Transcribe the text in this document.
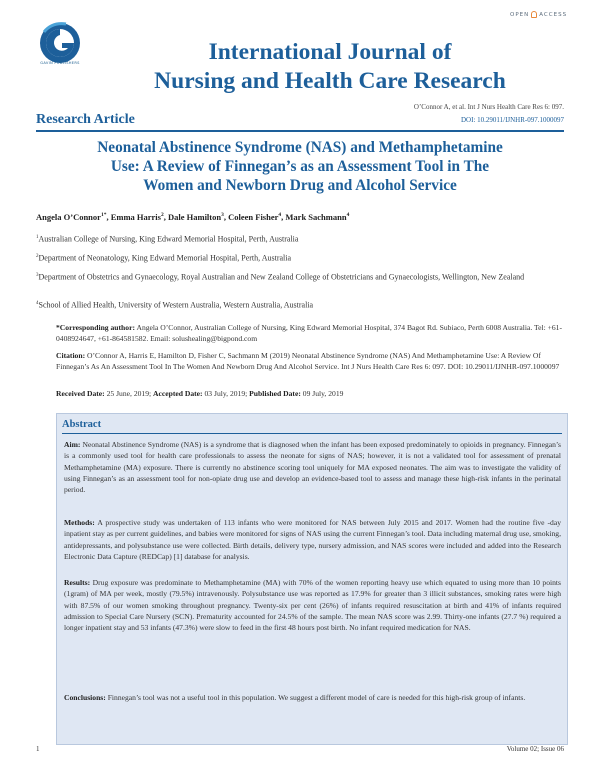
GAVIN PUBLISHERS
OPEN ACCESS
International Journal of
Nursing and Health Care Research
O’Connor A, et al. Int J Nurs Health Care Res 6: 097.
Research Article	DOI: 10.29011/IJNHR-097.1000097
Neonatal Abstinence Syndrome (NAS) and Methamphetamine
Use: A Review of Finnegan’s as an Assessment Tool in The
Women and Newborn Drug and Alcohol Service
Angela O’Connor$^{1*}$, Emma Harris$^2$, Dale Hamilton$^3$, Coleen Fisher$^4$, Mark Sachmann$^4$
$^1$Australian College of Nursing, King Edward Memorial Hospital, Perth, Australia
$^2$Department of Neonatology, King Edward Memorial Hospital, Perth, Australia
$^3$Department of Obstetrics and Gynaecology, Royal Australian and New Zealand College of Obstetricians and Gynaecologists, Wellington, New Zealand
$^4$School of Allied Health, University of Western Australia, Western Australia, Australia
*Corresponding author: Angela O’Connor, Australian College of Nursing, King Edward Memorial Hospital, 374 Bagot Rd. Subiaco, Perth 6008 Australia. Tel: +61-0408924647, +61-864581582. Email: solushealing@bigpond.com
Citation: O’Connor A, Harris E, Hamilton D, Fisher C, Sachmann M (2019) Neonatal Abstinence Syndrome (NAS) And Methamphetamine Use: A Review Of Finnegan’s As An Assessment Tool In The Women And Newborn Drug And Alcohol Service. Int J Nurs Health Care Res 6: 097. DOI: 10.29011/IJNHR-097.1000097
Received Date: 25 June, 2019; Accepted Date: 03 July, 2019; Published Date: 09 July, 2019
Abstract
Aim: Neonatal Abstinence Syndrome (NAS) is a syndrome that is diagnosed when the infant has been exposed predominately to opioids in pregnancy. Finnegan’s is a commonly used tool for health care professionals to assess the neonate for signs of NAS; however, it is not a validated tool for assessment of prenatal Methamphetamine (MA) exposure. There is currently no abstinence scoring tool uniquely for MA exposed neonates. The aim was to investigate the validity of using Finnegan’s as an assessment tool for non-opiate drug use and develop an evidence-based tool to assess and manage these high-risk infants in the perinatal period.
Methods: A prospective study was undertaken of 113 infants who were monitored for NAS between July 2015 and 2017. Women had the routine five -day inpatient stay as per current guidelines, and babies were monitored for signs of NAS using the current Finnegan’s tool. Data including maternal drug use, smoking, antidepressants, and polysubstance use were collected. Birth details, delivery type, nursery admission, and NAS scores were included and added into the Research Electronic Data Capture (REDCap) [1] database for analysis.
Results: Drug exposure was predominate to Methamphetamine (MA) with 70% of the women reporting heavy use which equated to using more than 10 points (1gram) of MA per week, mostly (79.5%) intravenously. Polysubstance use was reported as 17.9% for greater than 3 illicit substances, smoking rates were high with 87.5% of our women smoking throughout pregnancy. Twenty-six per cent (26%) of infants required resuscitation at birth and 41% of infants required admission to Special Care Nursery (SCN). Prematurity accounted for 24.5% of the sample. The mean NAS score was 2.99. Thirty-one infants (27.7 %) required a longer inpatient stay and 53 infants (47.3%) were slow to feed in the first 48 hours post birth. No infant required medication for NAS.
Conclusions: Finnegan’s tool was not a useful tool in this population. We suggest a different model of care is needed for this high-risk group of infants.
1	Volume 02; Issue 06
